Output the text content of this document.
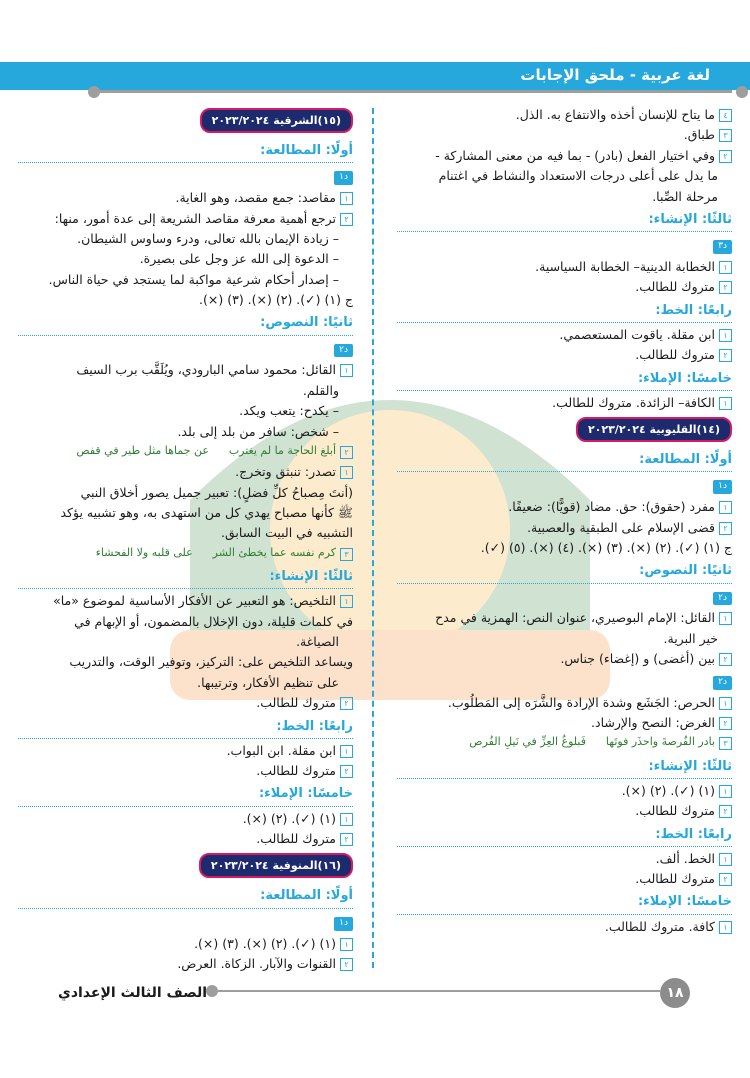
لغة عربية - ملحق الإجابات
٤
ما يتاح للإنسان أخذه والانتفاع به. الذل.
٣
طباق.
٢
وفي اختيار الفعل (بادر) - بما فيه من معنى المشاركة -
ما يدل على أعلى درجات الاستعداد والنشاط في اغتنام
مرحلة الصِّبا.
ثالثًا: الإنشاء:
د٣
١
الخطابة الدينية– الخطابة السياسية.
٢
متروك للطالب.
رابعًا: الخط:
١
ابن مقلة. ياقوت المستعصمي.
٢
متروك للطالب.
خامسًا: الإملاء:
١
الكافة– الزائدة. متروك للطالب.
(١٤)القليوبية ٢٠٢٣/٢٠٢٤
أولًا: المطالعة:
د١
١
مفرد (حقوق): حق. مضاد (قويًّا): ضعيفًا.
٢
قضى الإسلام على الطبقية والعصبية.
ج (١) (✓). (٢) (×). (٣) (×). (٤) (×). (٥) (✓).
ثانيًا: النصوص:
د٢
١
القائل: الإمام البوصيري، عنوان النص: الهمزية في مدح
خير البرية.
٢
بين (أغضى) و (إغضاء) جناس.
د٢
١
الحرص: الجَشَع وشدة الإرادة والشَّرَه إلى المَطلُوب.
٢
الغرض: النصح والإرشاد.
٣
بادر الفُرصةَ واحذَر فوتَها

فَبلوغُ العِزِّ في نَيلِ الفُرص
ثالثًا: الإنشاء:
١
(١) (✓). (٢) (×).
٢
متروك للطالب.
رابعًا: الخط:
١
الخط. ألف.
٢
متروك للطالب.
خامسًا: الإملاء:
١
كافة. متروك للطالب.
(١٥)الشرقية ٢٠٢٣/٢٠٢٤
أولًا: المطالعة:
د١
١
مقاصد: جمع مقصد، وهو الغاية.
٢
ترجع أهمية معرفة مقاصد الشريعة إلى عدة أمور، منها:
– زيادة الإيمان بالله تعالى، ودرء وساوس الشيطان.
– الدعوة إلى الله عز وجل على بصيرة.
– إصدار أحكام شرعية مواكبة لما يستجد في حياة الناس.
ج (١) (✓). (٢) (×). (٣) (×).
ثانيًا: النصوص:
د٢
١
القائل: محمود سامي البارودي، ويُلَقَّب برب السيف
والقلم.
– يكدح: يتعب ويكد.
– شخص: سافر من بلد إلى بلد.
٢
أبلغ الحاجة ما لم يغترب

عن جماها مثل طير في قفص
١
تصدر: تنبثق وتخرج.
(أنتَ مِصباحُ كلِّ فضلٍ): تعبير جميل يصور أخلاق النبي
ﷺ كأنها مصباح يهدي كل من استهدى به، وهو تشبيه يؤكد
التشبيه في البيت السابق.
٣
كرم نفسه عما يخطئ الشر

على قلبه ولا الفحشاء
ثالثًا: الإنشاء:
١
التلخيص: هو التعبير عن الأفكار الأساسية لموضوع «ما»
في كلمات قليلة، دون الإخلال بالمضمون، أو الإبهام في
الصياغة.
ويساعد التلخيص على: التركيز، وتوفير الوقت، والتدريب
على تنظيم الأفكار، وترتيبها.
٢
متروك للطالب.
رابعًا: الخط:
١
ابن مقلة. ابن البواب.
٢
متروك للطالب.
خامسًا: الإملاء:
١
(١) (✓). (٢) (×).
٢
متروك للطالب.
(١٦)المنوفية ٢٠٢٣/٢٠٢٤
أولًا: المطالعة:
د١
١
(١) (✓). (٢) (×). (٣) (×).
٢
القنوات والآبار. الزكاة. العرض.
الصف الثالث الإعدادي	١٨
